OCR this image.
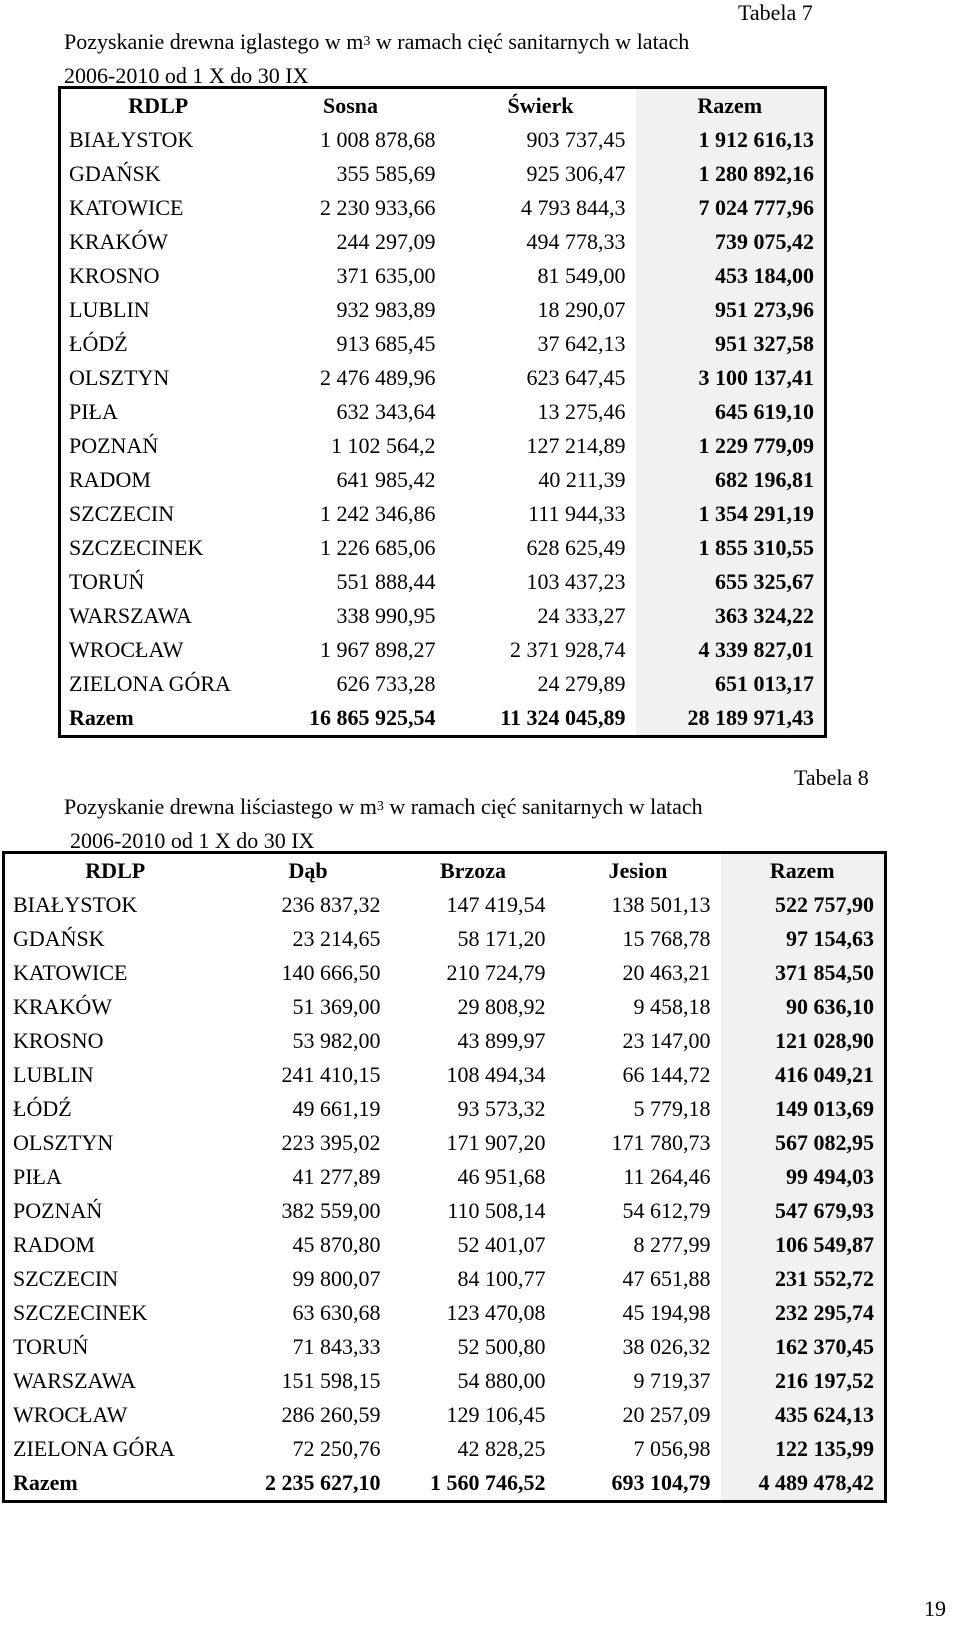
Tabela 7
Pozyskanie drewna iglastego w $m^3$ w ramach cięć sanitarnych w latach
2006-2010 od 1 X do 30 IX
RDLP	Sosna	Świerk	Razem
BIAŁYSTOK	1 008 878,68	903 737,45	1 912 616,13
GDAŃSK	355 585,69	925 306,47	1 280 892,16
KATOWICE	2 230 933,66	4 793 844,3	7 024 777,96
KRAKÓW	244 297,09	494 778,33	739 075,42
KROSNO	371 635,00	81 549,00	453 184,00
LUBLIN	932 983,89	18 290,07	951 273,96
ŁÓDŹ	913 685,45	37 642,13	951 327,58
OLSZTYN	2 476 489,96	623 647,45	3 100 137,41
PIŁA	632 343,64	13 275,46	645 619,10
POZNAŃ	1 102 564,2	127 214,89	1 229 779,09
RADOM	641 985,42	40 211,39	682 196,81
SZCZECIN	1 242 346,86	111 944,33	1 354 291,19
SZCZECINEK	1 226 685,06	628 625,49	1 855 310,55
TORUŃ	551 888,44	103 437,23	655 325,67
WARSZAWA	338 990,95	24 333,27	363 324,22
WROCŁAW	1 967 898,27	2 371 928,74	4 339 827,01
ZIELONA GÓRA	626 733,28	24 279,89	651 013,17
Razem	16 865 925,54	11 324 045,89	28 189 971,43
Tabela 8
Pozyskanie drewna liściastego w $m^3$ w ramach cięć sanitarnych w latach
2006-2010 od 1 X do 30 IX
RDLP	Dąb	Brzoza	Jesion	Razem
BIAŁYSTOK	236 837,32	147 419,54	138 501,13	522 757,90
GDAŃSK	23 214,65	58 171,20	15 768,78	97 154,63
KATOWICE	140 666,50	210 724,79	20 463,21	371 854,50
KRAKÓW	51 369,00	29 808,92	9 458,18	90 636,10
KROSNO	53 982,00	43 899,97	23 147,00	121 028,90
LUBLIN	241 410,15	108 494,34	66 144,72	416 049,21
ŁÓDŹ	49 661,19	93 573,32	5 779,18	149 013,69
OLSZTYN	223 395,02	171 907,20	171 780,73	567 082,95
PIŁA	41 277,89	46 951,68	11 264,46	99 494,03
POZNAŃ	382 559,00	110 508,14	54 612,79	547 679,93
RADOM	45 870,80	52 401,07	8 277,99	106 549,87
SZCZECIN	99 800,07	84 100,77	47 651,88	231 552,72
SZCZECINEK	63 630,68	123 470,08	45 194,98	232 295,74
TORUŃ	71 843,33	52 500,80	38 026,32	162 370,45
WARSZAWA	151 598,15	54 880,00	9 719,37	216 197,52
WROCŁAW	286 260,59	129 106,45	20 257,09	435 624,13
ZIELONA GÓRA	72 250,76	42 828,25	7 056,98	122 135,99
Razem	2 235 627,10	1 560 746,52	693 104,79	4 489 478,42
19
